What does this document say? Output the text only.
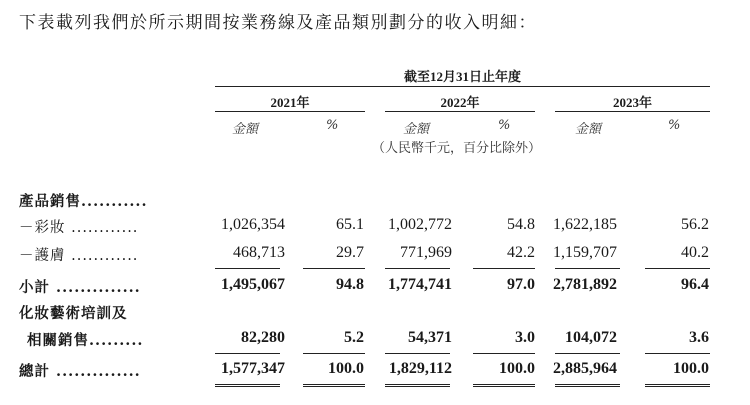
下表載列我們於所示期間按業務線及產品類別劃分的收入明細：
截至12月31日止年度
2021年	2022年	2023年
金額	%	金額	%	金額	%
（人民幣千元，百分比除外）
產品銷售...........
－彩妝 ............	1,026,354	65.1	1,002,772	54.8	1,622,185	56.2
－護膚 ............	468,713	29.7	771,969	42.2	1,159,707	40.2
小計 ..............	1,495,067	94.8	1,774,741	97.0	2,781,892	96.4
化妝藝術培訓及
相關銷售.........	82,280	5.2	54,371	3.0	104,072	3.6
總計 ..............	1,577,347	100.0	1,829,112	100.0	2,885,964	100.0
